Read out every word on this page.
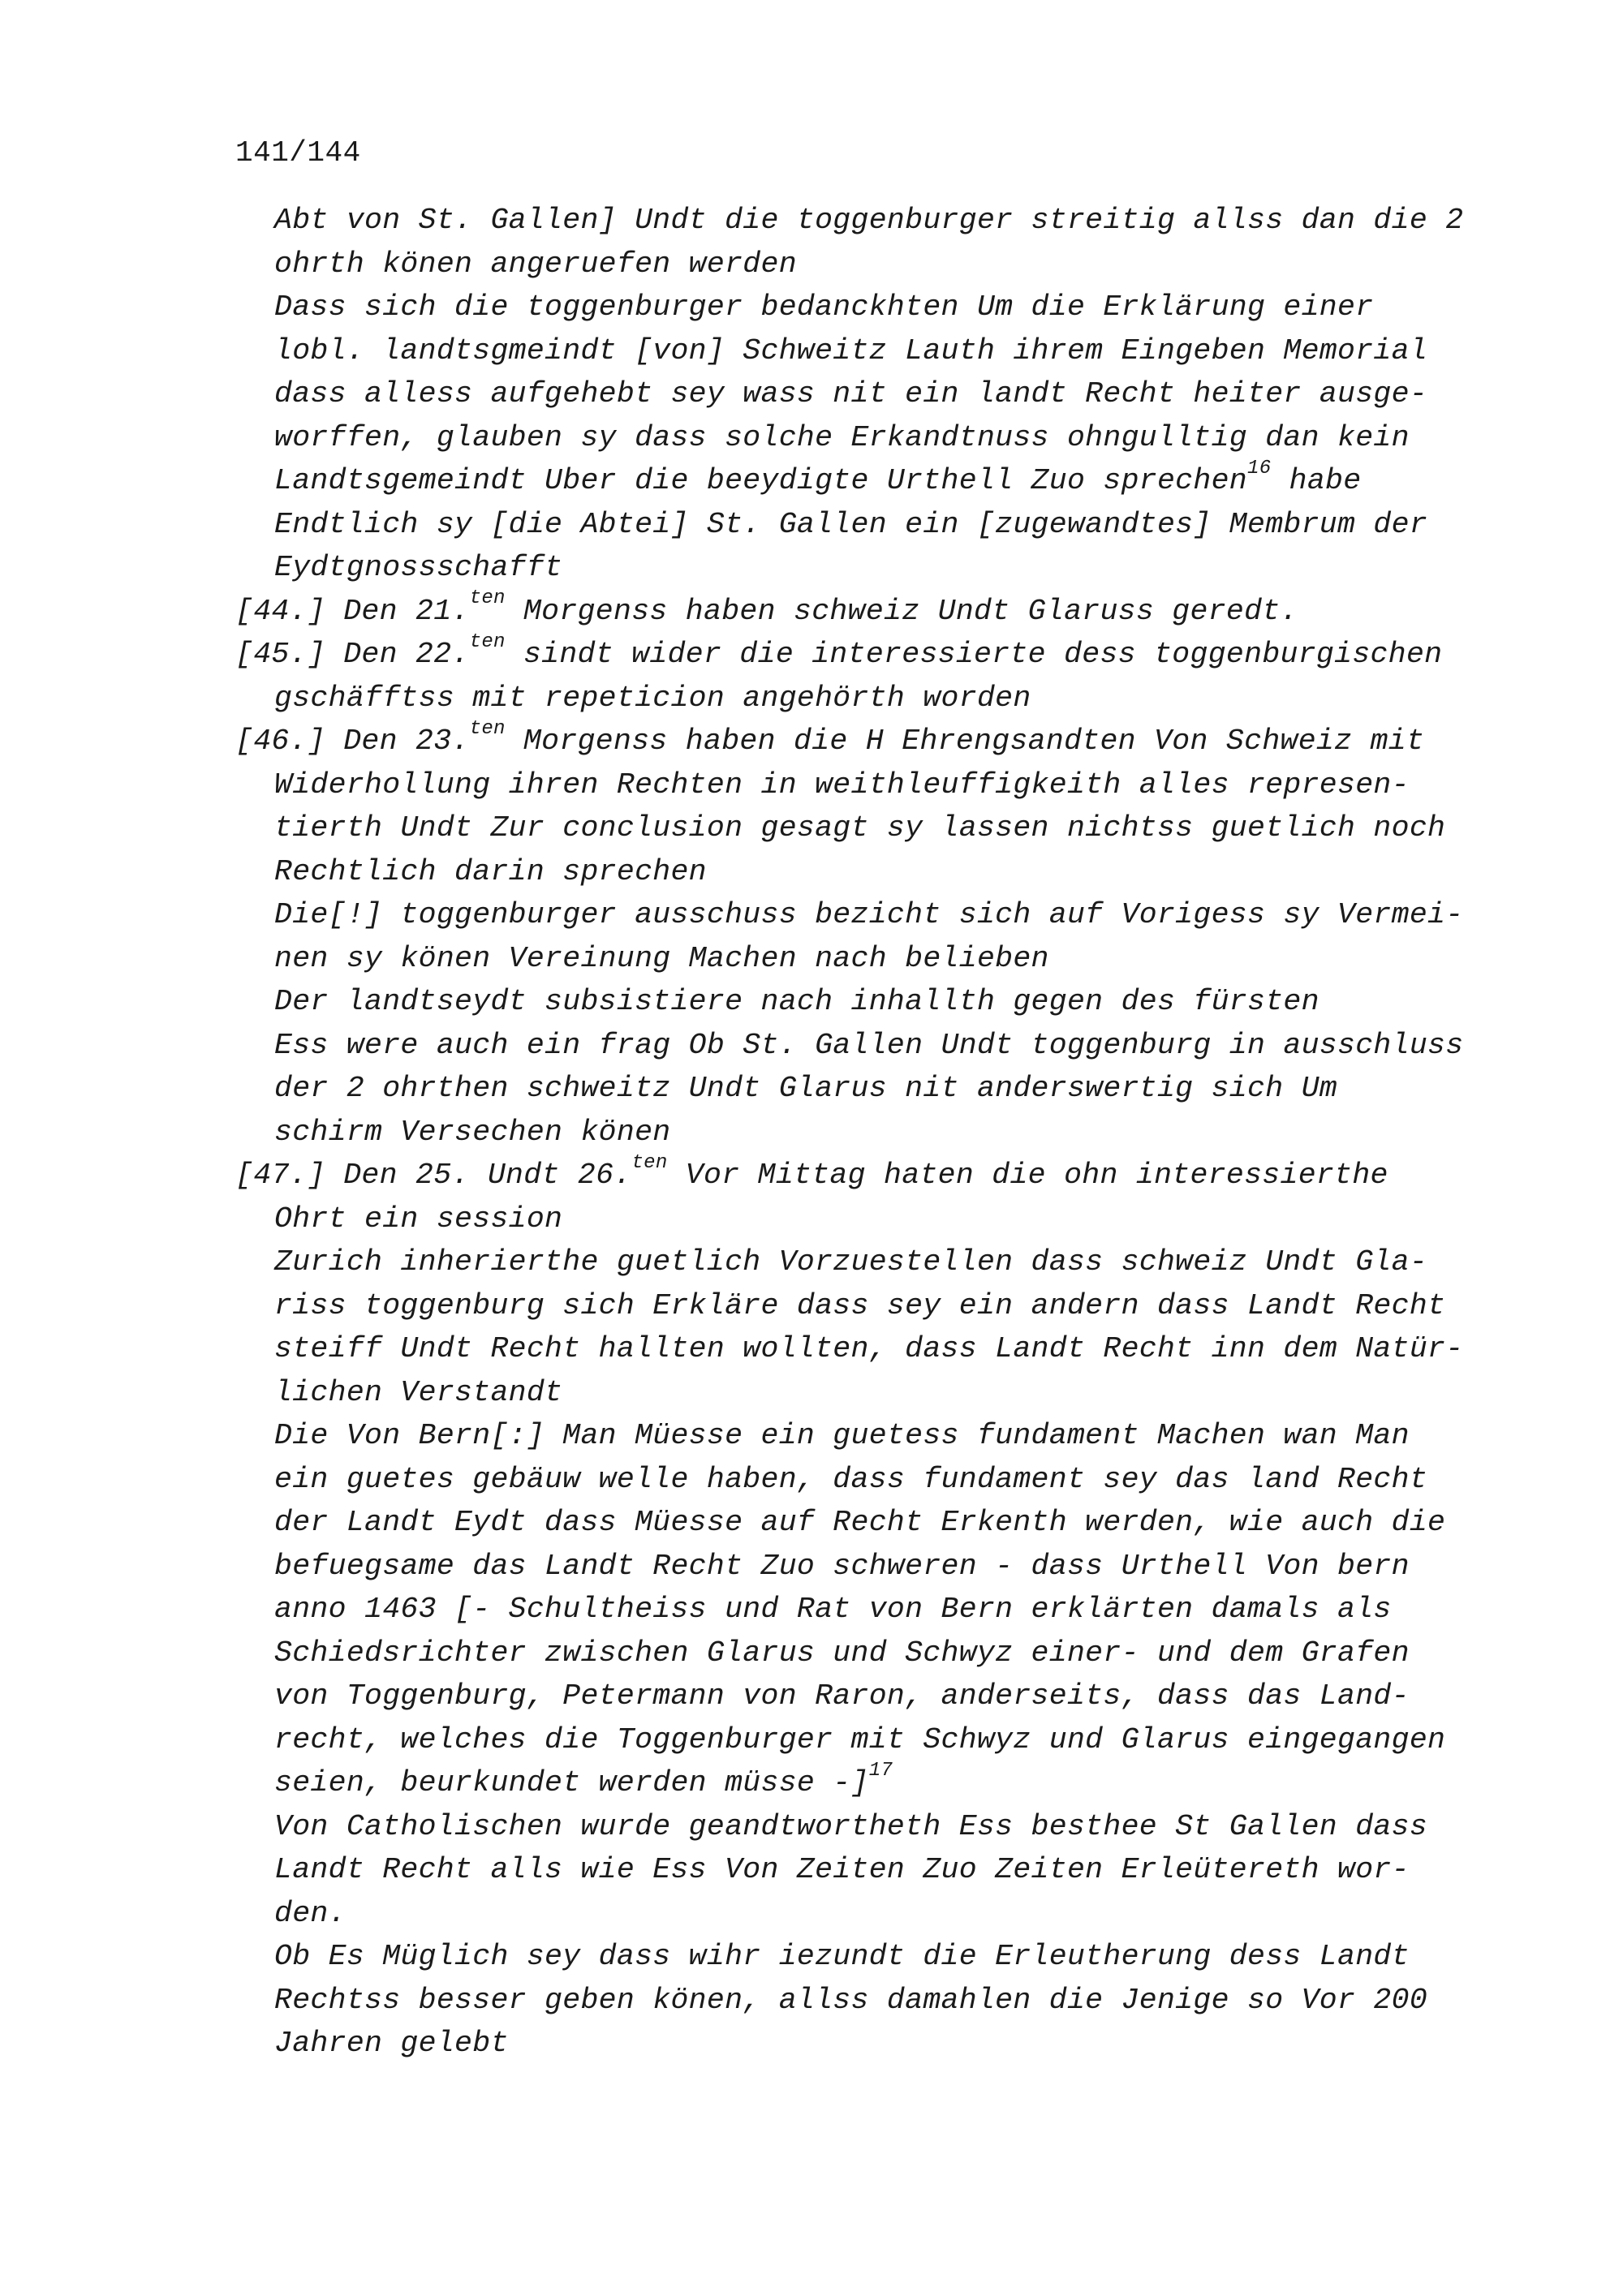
141/144
Abt von St. Gallen] Undt die toggenburger streitig allss dan die 2
ohrth könen angeruefen werden
Dass sich die toggenburger bedanckhten Um die Erklärung einer
lobl. landtsgmeindt [von] Schweitz Lauth ihrem Eingeben Memorial
dass alless aufgehebt sey wass nit ein landt Recht heiter ausge-
worffen, glauben sy dass solche Erkandtnuss ohngulltig dan kein
Landtsgemeindt Uber die beeydigte Urthell Zuo sprechen$^{16}$ habe
Endtlich sy [die Abtei] St. Gallen ein [zugewandtes] Membrum der
Eydtgnossschafft
[44.] Den 21.$^{ten}$ Morgenss haben schweiz Undt Glaruss geredt.
[45.] Den 22.$^{ten}$ sindt wider die interessierte dess toggenburgischen
gschäfftss mit repeticion angehörth worden
[46.] Den 23.$^{ten}$ Morgenss haben die H Ehrengsandten Von Schweiz mit
Widerhollung ihren Rechten in weithleuffigkeith alles represen-
tierth Undt Zur conclusion gesagt sy lassen nichtss guetlich noch
Rechtlich darin sprechen
Die[!] toggenburger ausschuss bezicht sich auf Vorigess sy Vermei-
nen sy könen Vereinung Machen nach belieben
Der landtseydt subsistiere nach inhallth gegen des fürsten
Ess were auch ein frag Ob St. Gallen Undt toggenburg in ausschluss
der 2 ohrthen schweitz Undt Glarus nit anderswertig sich Um
schirm Versechen könen
[47.] Den 25. Undt 26.$^{ten}$ Vor Mittag haten die ohn interessierthe
Ohrt ein session
Zurich inherierthe guetlich Vorzuestellen dass schweiz Undt Gla-
riss toggenburg sich Erkläre dass sey ein andern dass Landt Recht
steiff Undt Recht hallten wollten, dass Landt Recht inn dem Natür-
lichen Verstandt
Die Von Bern[:] Man Müesse ein guetess fundament Machen wan Man
ein guetes gebäuw welle haben, dass fundament sey das land Recht
der Landt Eydt dass Müesse auf Recht Erkenth werden, wie auch die
befuegsame das Landt Recht Zuo schweren - dass Urthell Von bern
anno 1463 [- Schultheiss und Rat von Bern erklärten damals als
Schiedsrichter zwischen Glarus und Schwyz einer- und dem Grafen
von Toggenburg, Petermann von Raron, anderseits, dass das Land-
recht, welches die Toggenburger mit Schwyz und Glarus eingegangen
seien, beurkundet werden müsse -]$^{17}$
Von Catholischen wurde geandtwortheth Ess besthee St Gallen dass
Landt Recht alls wie Ess Von Zeiten Zuo Zeiten Erleütereth wor-
den.
Ob Es Müglich sey dass wihr iezundt die Erleutherung dess Landt
Rechtss besser geben könen, allss damahlen die Jenige so Vor 200
Jahren gelebt
